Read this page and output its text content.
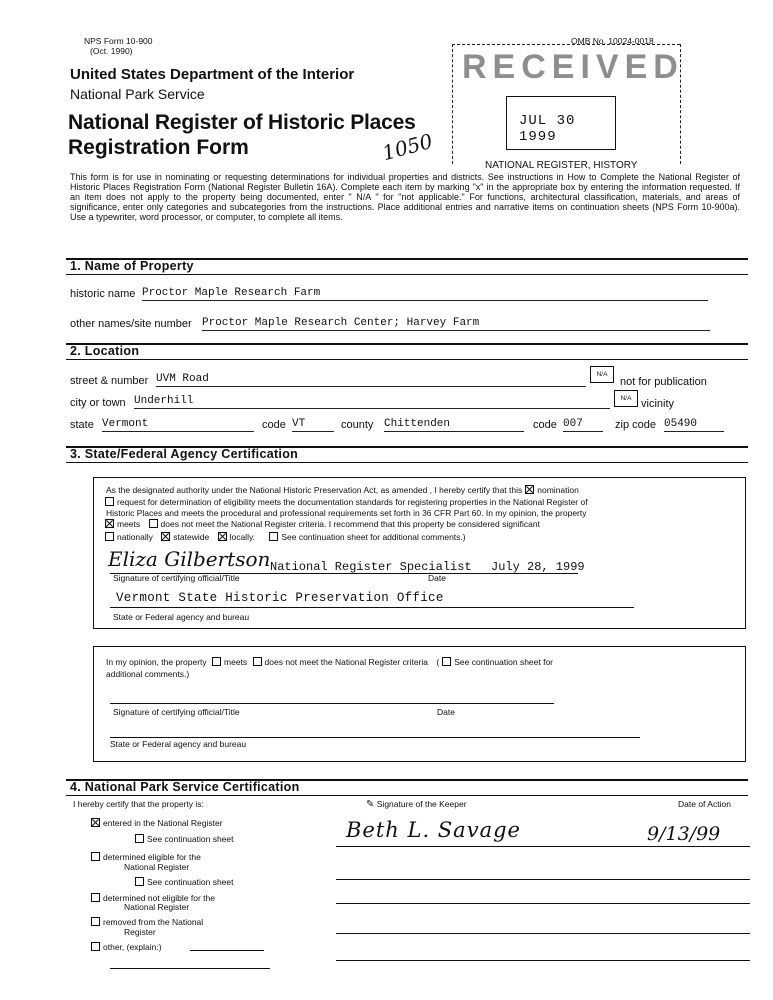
NPS Form 10-900
(Oct. 1990)
OMB No. 10024-0018
United States Department of the Interior
National Park Service
National Register of Historic Places
Registration Form	1050
RECEIVED
JUL 30 1999
NATIONAL REGISTER, HISTORY
This form is for use in nominating or requesting determinations for individual properties and districts. See instructions in How to Complete the National Register of Historic Places Registration Form (National Register Bulletin 16A). Complete each item by marking "x" in the appropriate box by entering the information requested. If an item does not apply to the property being documented, enter " N/A " for "not applicable." For functions, architectural classification, materials, and areas of significance, enter only categories and subcategories from the instructions. Place additional entries and narrative items on continuation sheets (NPS Form 10-900a). Use a typewriter, word processor, or computer, to complete all items.
1. Name of Property
historic name Proctor Maple Research Farm
other names/site number Proctor Maple Research Center; Harvey Farm
2. Location
street & number UVM Road	N/A
not for publication
city or town Underhill	N/A vicinity
state Vermont	code VT	county Chittenden	code 007	zip code 05490
3. State/Federal Agency Certification
As the designated authority under the National Historic Preservation Act, as amended , I hereby certify that this nomination
request for determination of eligibility meets the documentation standards for registering properties in the National Register of
Historic Places and meets the procedural and professional requirements set forth in 36 CFR Part 60. In my opinion, the property
meets does not meet the National Register criteria. I recommend that this property be considered significant
nationally statewide locally.	See continuation sheet for additional comments.)
Eliza Gilbertson National Register Specialist July 28, 1999
Signature of certifying official/Title	Date
Vermont State Historic Preservation Office
State or Federal agency and bureau
In my opinion, the property meets does not meet the National Register criteria ( See continuation sheet for
additional comments.)
Signature of certifying official/Title	Date
State or Federal agency and bureau
4. National Park Service Certification
I hereby certify that the property is:	✎ Signature of the Keeper	Date of Action
entered in the National Register
See continuation sheet	Beth L. Savage	9/13/99
determined eligible for the
National Register
See continuation sheet
determined not eligible for the
National Register
removed from the National
Register
other, (explain:)
